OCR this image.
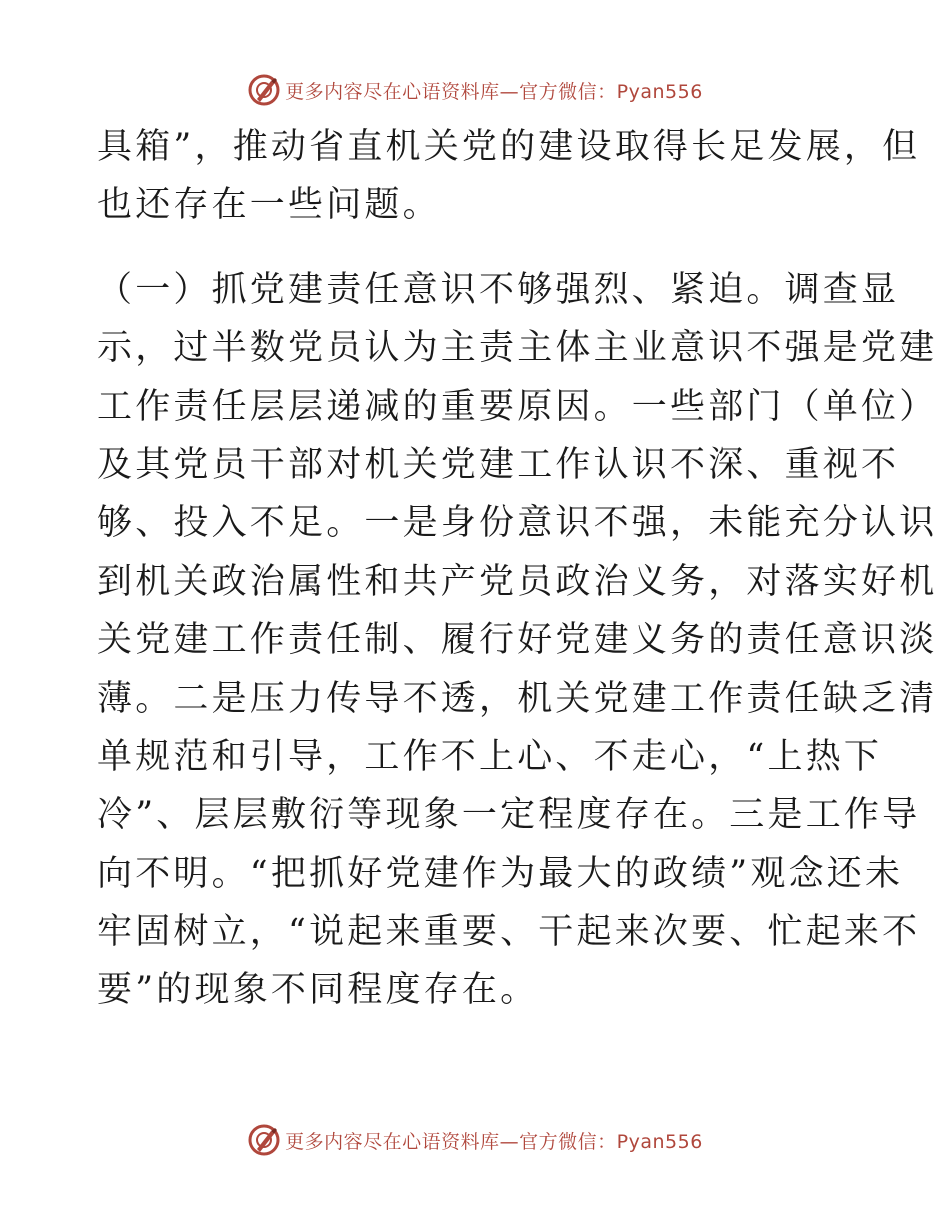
更多内容尽在心语资料库—官方微信：Pyan556
具箱”，推动省直机关党的建设取得长足发展，但
也还存在一些问题。
（一）抓党建责任意识不够强烈、紧迫。调查显
示，过半数党员认为主责主体主业意识不强是党建
工作责任层层递减的重要原因。一些部门（单位）
及其党员干部对机关党建工作认识不深、重视不
够、投入不足。一是身份意识不强，未能充分认识
到机关政治属性和共产党员政治义务，对落实好机
关党建工作责任制、履行好党建义务的责任意识淡
薄。二是压力传导不透，机关党建工作责任缺乏清
单规范和引导，工作不上心、不走心，“上热下
冷”、层层敷衍等现象一定程度存在。三是工作导
向不明。“把抓好党建作为最大的政绩”观念还未
牢固树立，“说起来重要、干起来次要、忙起来不
要”的现象不同程度存在。
更多内容尽在心语资料库—官方微信：Pyan556
